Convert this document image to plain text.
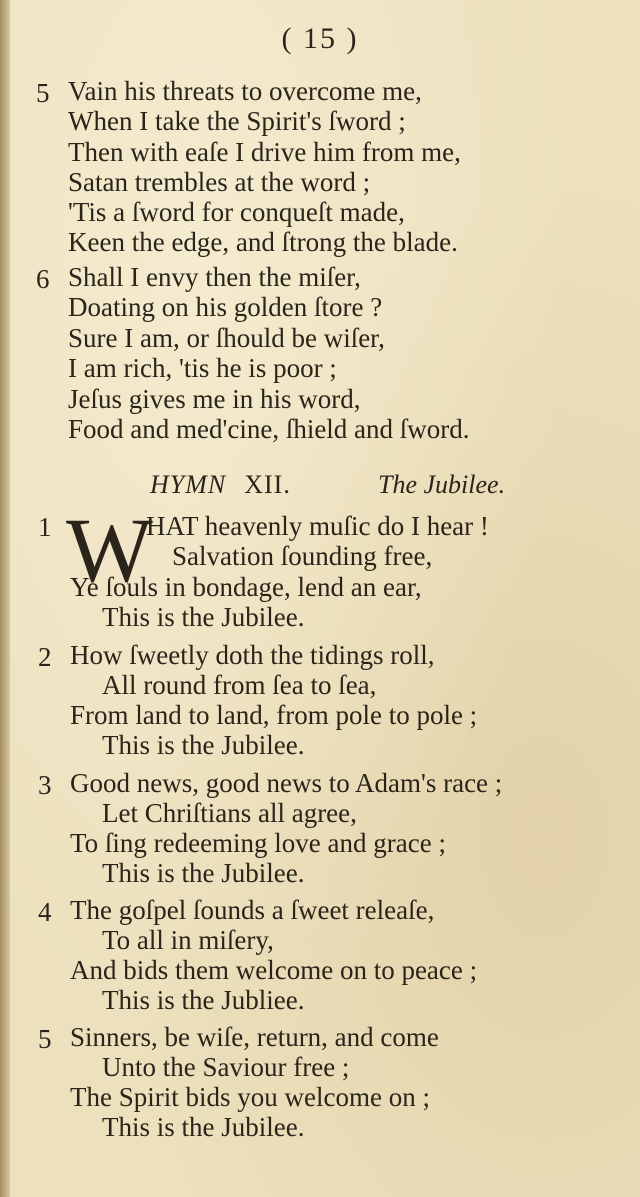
( 15 )
5 Vain his threats to overcome me,
When I take the Spirit's ſword ;
Then with eaſe I drive him from me,
Satan trembles at the word ;
'Tis a ſword for conqueſt made,
Keen the edge, and ſtrong the blade.
6 Shall I envy then the miſer,
Doating on his golden ſtore ?
Sure I am, or ſhould be wiſer,
I am rich, 'tis he is poor ;
Jeſus gives me in his word,
Food and med'cine, ſhield and ſword.
HYMN XII.	The Jubilee.
1 W
HAT heavenly muſic do I hear !
Salvation ſounding free,
Ye ſouls in bondage, lend an ear,
This is the Jubilee.
2 How ſweetly doth the tidings roll,
All round from ſea to ſea,
From land to land, from pole to pole ;
This is the Jubilee.
3 Good news, good news to Adam's race ;
Let Chriſtians all agree,
To ſing redeeming love and grace ;
This is the Jubilee.
4 The goſpel ſounds a ſweet releaſe,
To all in miſery,
And bids them welcome on to peace ;
This is the Jubliee.
5 Sinners, be wiſe, return, and come
Unto the Saviour free ;
The Spirit bids you welcome on ;
This is the Jubilee.
